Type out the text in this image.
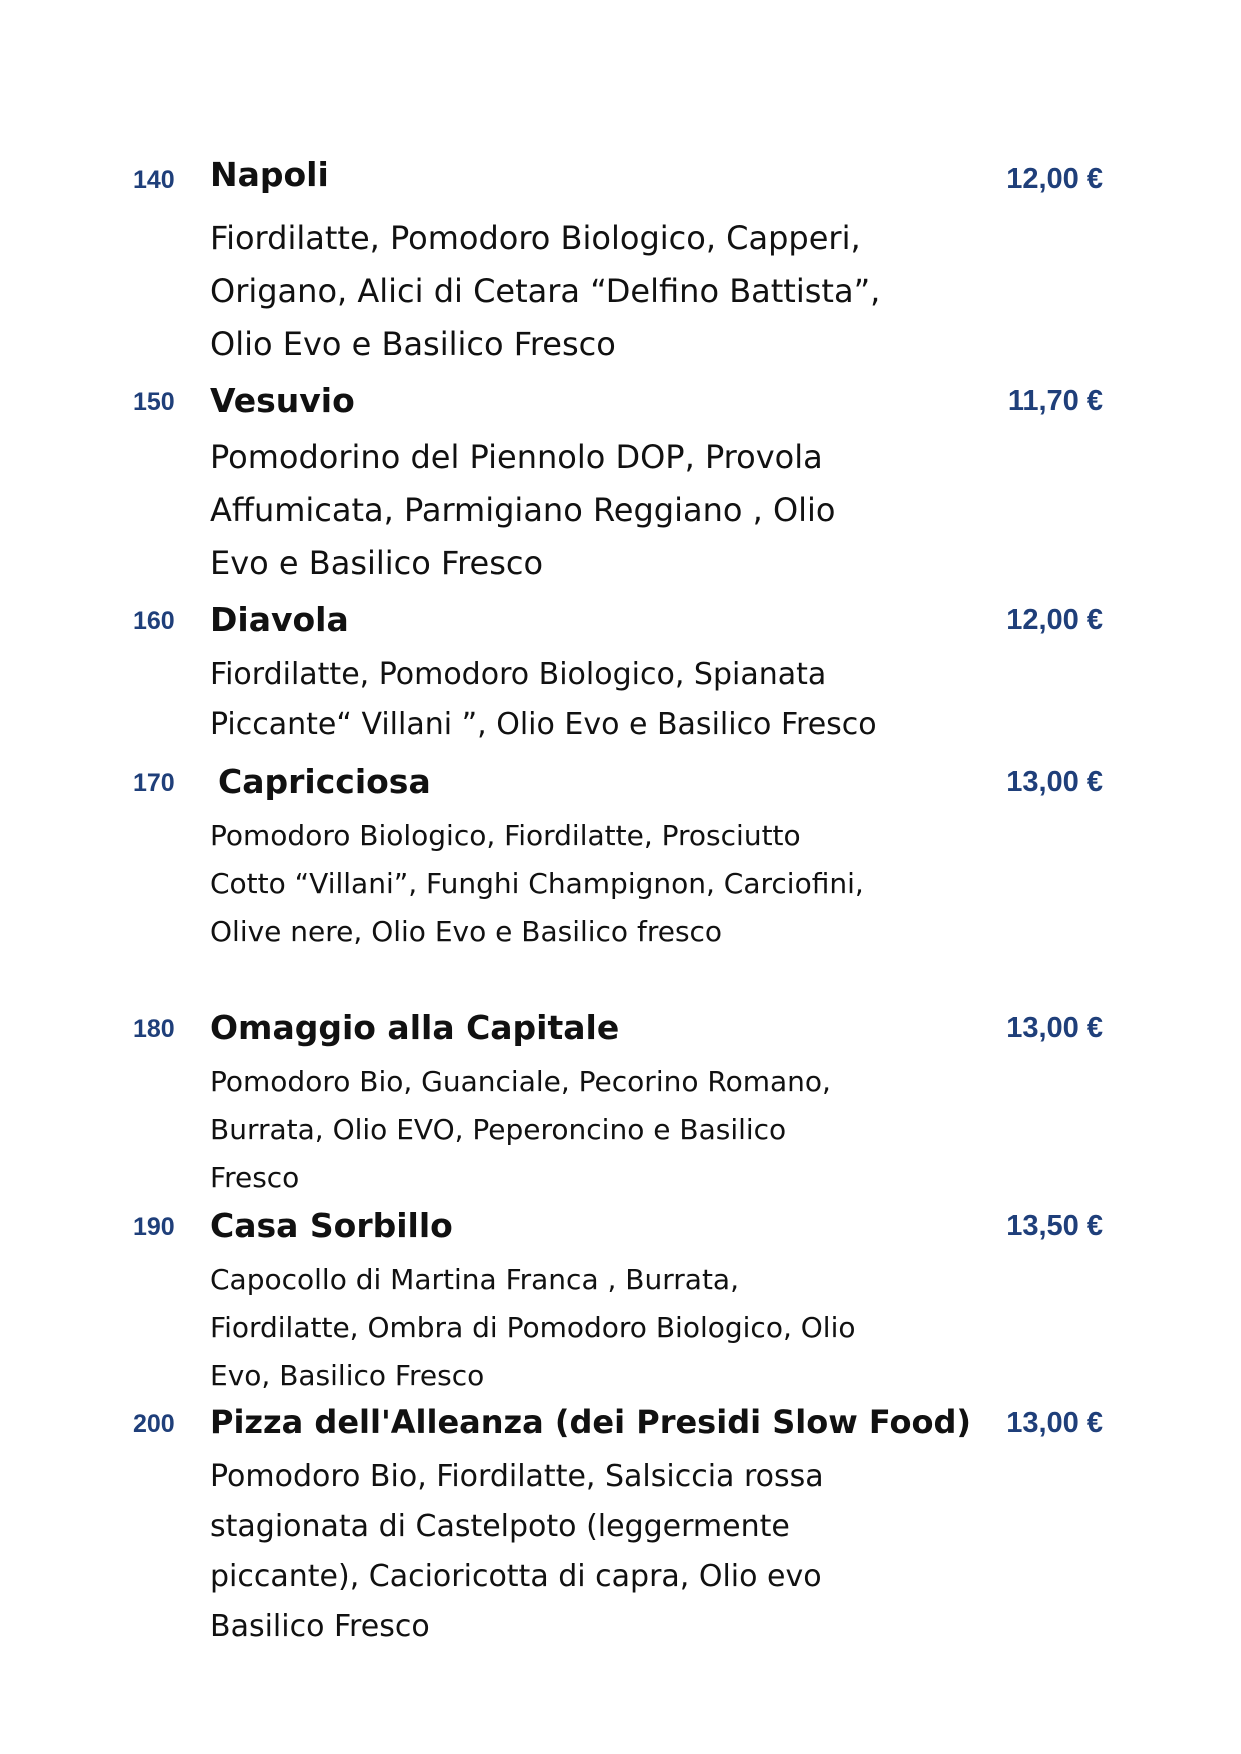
140 Napoli	12,00 €
Fiordilatte, Pomodoro Biologico, Capperi,
Origano, Alici di Cetara “Delfino Battista”,
Olio Evo e Basilico Fresco
150 Vesuvio	11,70 €
Pomodorino del Piennolo DOP, Provola
Affumicata, Parmigiano Reggiano , Olio
Evo e Basilico Fresco
160 Diavola	12,00 €
Fiordilatte, Pomodoro Biologico, Spianata
Piccante“ Villani ”, Olio Evo e Basilico Fresco
170 Capricciosa	13,00 €
Pomodoro Biologico, Fiordilatte, Prosciutto
Cotto “Villani”, Funghi Champignon, Carciofini,
Olive nere, Olio Evo e Basilico fresco
180 Omaggio alla Capitale	13,00 €
Pomodoro Bio, Guanciale, Pecorino Romano,
Burrata, Olio EVO, Peperoncino e Basilico
Fresco
190 Casa Sorbillo	13,50 €
Capocollo di Martina Franca , Burrata,
Fiordilatte, Ombra di Pomodoro Biologico, Olio
Evo, Basilico Fresco
200 Pizza dell'Alleanza (dei Presidi Slow Food) 13,00 €
Pomodoro Bio, Fiordilatte, Salsiccia rossa
stagionata di Castelpoto (leggermente
piccante), Cacioricotta di capra, Olio evo
Basilico Fresco
